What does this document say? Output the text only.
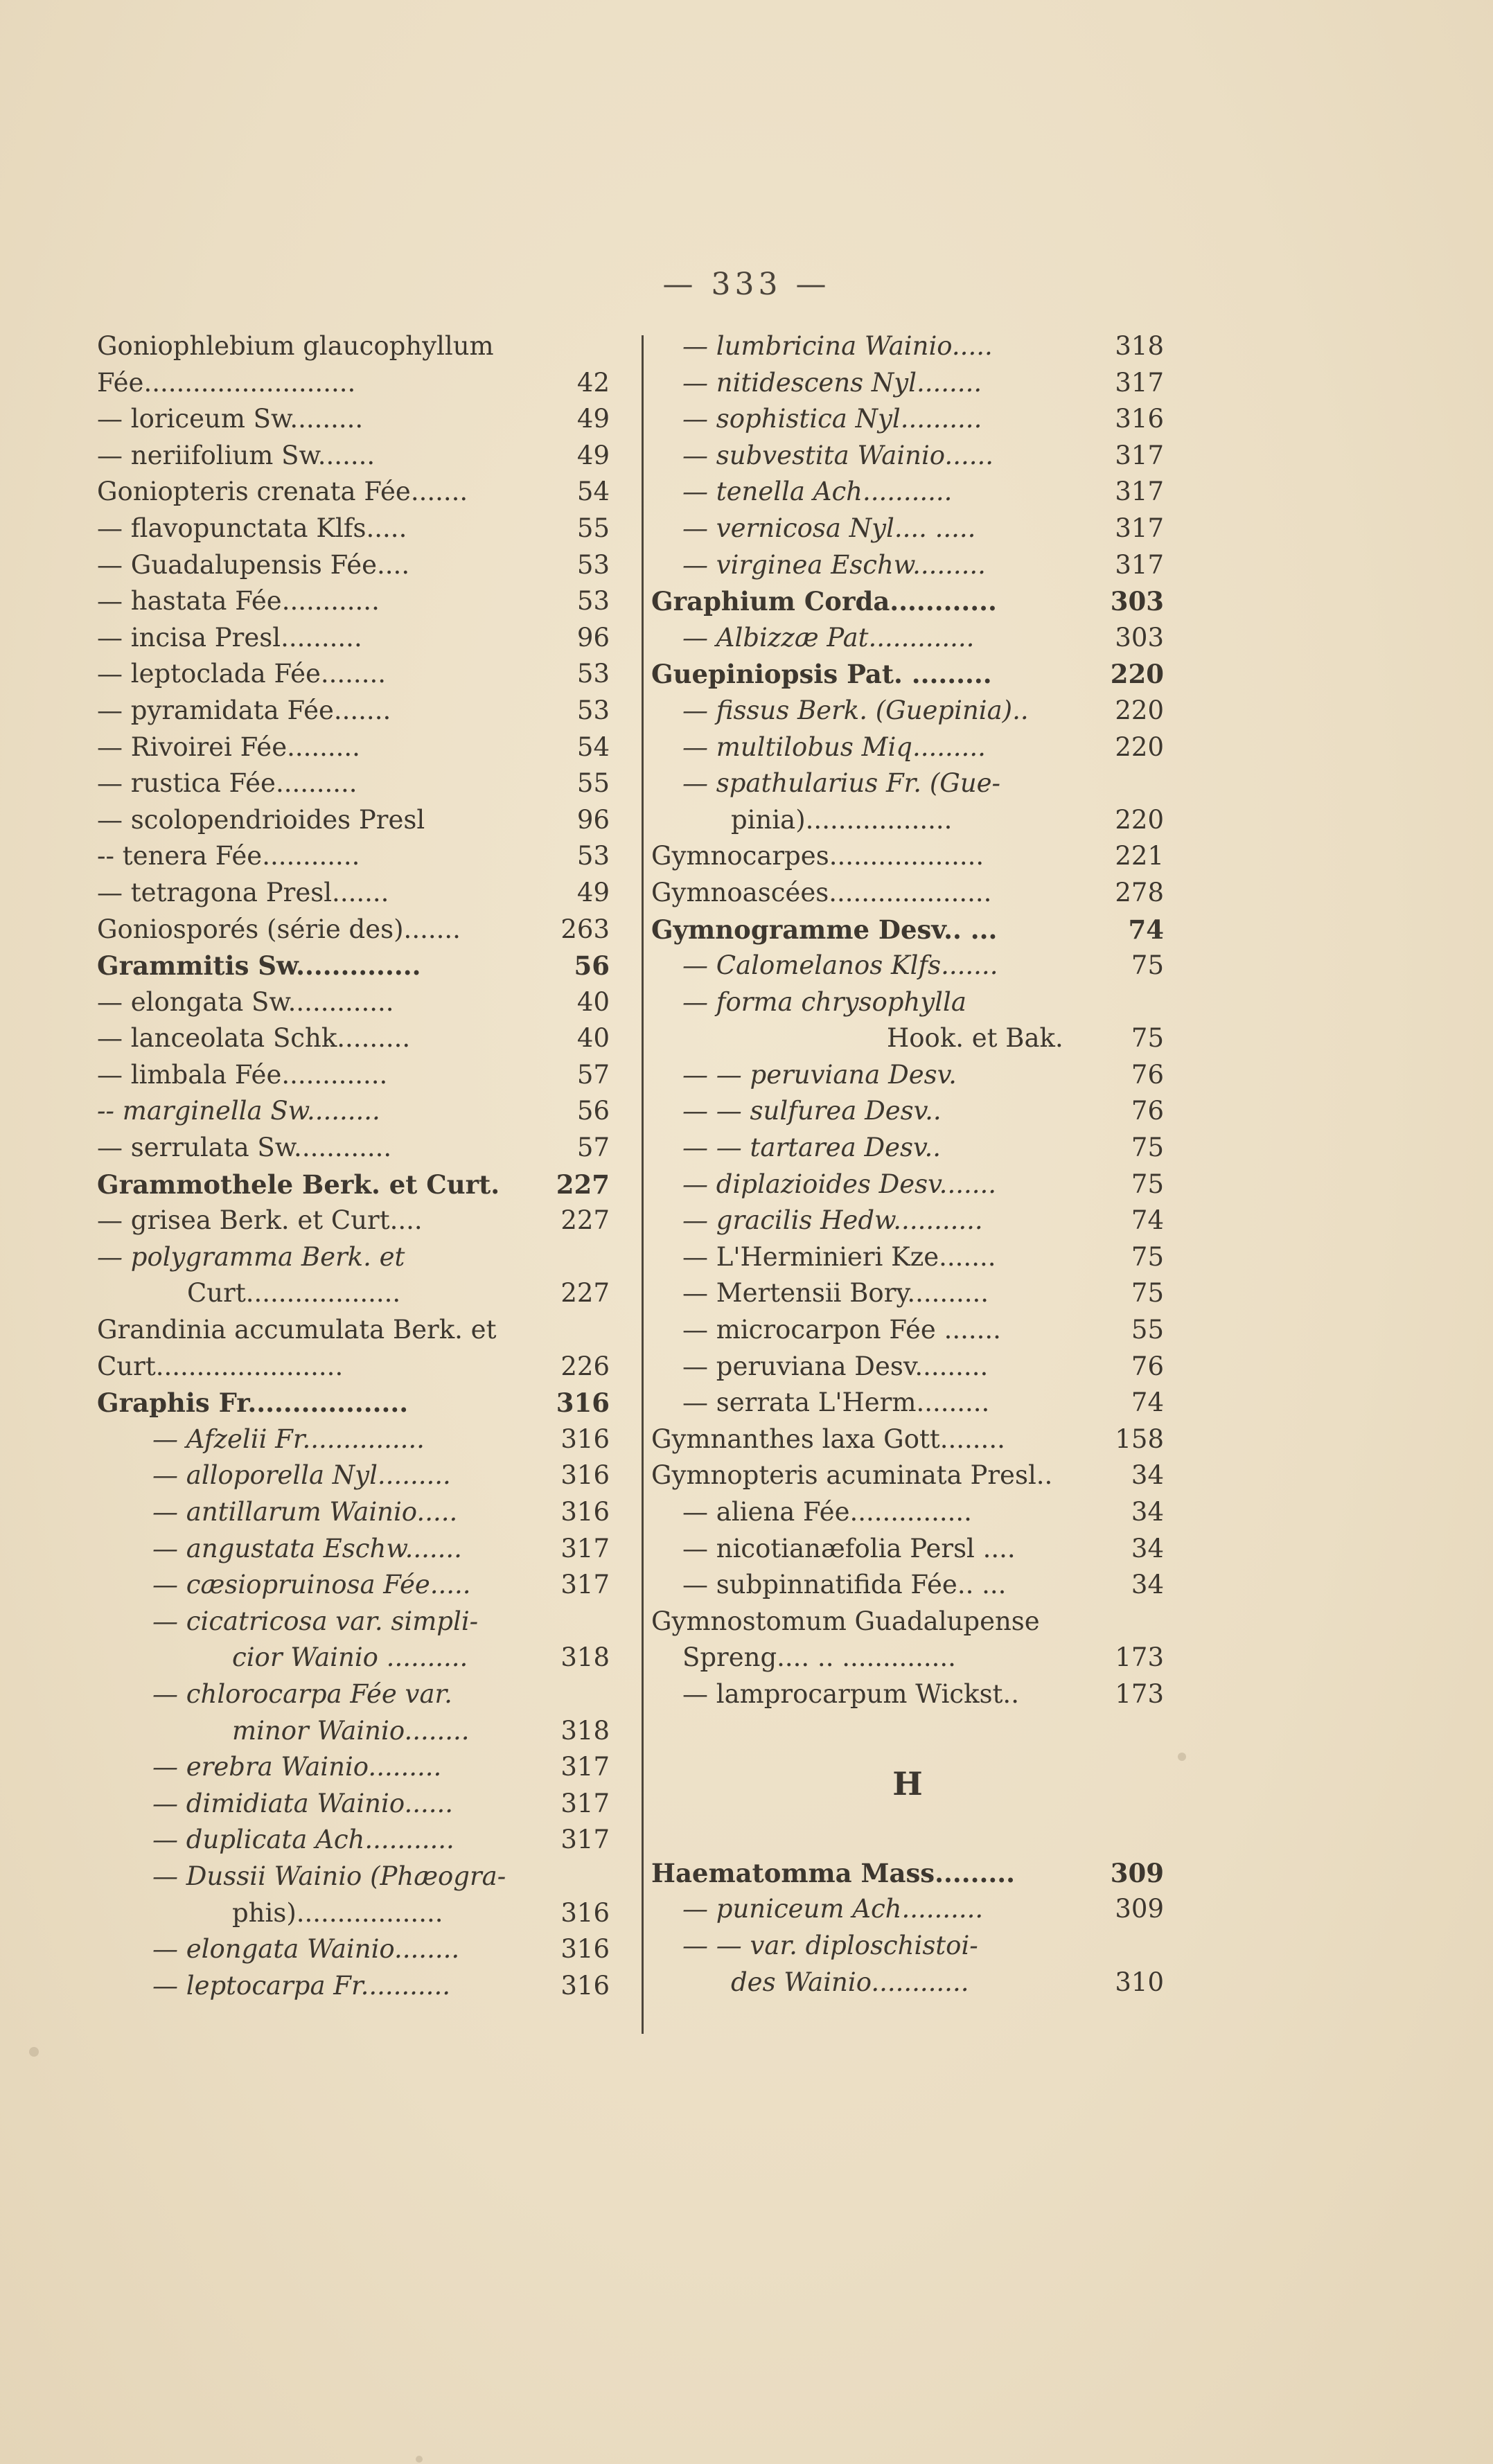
— 333 —
Goniophlebium glaucophyllum
Fée..........................	42
— loriceum Sw.........	49
— neriifolium Sw.......	49
Goniopteris crenata Fée.......	54
— flavopunctata Klfs.....	55
— Guadalupensis Fée....	53
— hastata Fée............	53
— incisa Presl..........	96
— leptoclada Fée........	53
— pyramidata Fée.......	53
— Rivoirei Fée.........	54
— rustica Fée..........	55
— scolopendrioides Presl	96
-- tenera Fée............	53
— tetragona Presl.......	49
Goniosporés (série des).......	263
Grammitis Sw..............	56
— elongata Sw.............	40
— lanceolata Schk.........	40
— limbala Fée.............	57
-- marginella Sw.........	56
— serrulata Sw............	57
Grammothele Berk. et Curt.	227
— grisea Berk. et Curt....	227
— polygramma Berk. et
Curt...................	227
Grandinia accumulata Berk. et
Curt.......................	226
Graphis Fr..................	316
— Afzelii Fr...............	316
— alloporella Nyl.........	316
— antillarum Wainio.....	316
— angustata Eschw.......	317
— cæsiopruinosa Fée.....	317
— cicatricosa var. simpli-
cior Wainio ..........	318
— chlorocarpa Fée var.
minor Wainio........	318
— erebra Wainio.........	317
— dimidiata Wainio......	317
— duplicata Ach...........	317
— Dussii Wainio (Phæogra-
phis)..................	316
— elongata Wainio........	316
— leptocarpa Fr...........	316
— lumbricina Wainio.....	318
— nitidescens Nyl........	317
— sophistica Nyl..........	316
— subvestita Wainio......	317
— tenella Ach...........	317
— vernicosa Nyl.... .....	317
— virginea Eschw.........	317
Graphium Corda............	303
— Albizzæ Pat.............	303
Guepiniopsis Pat. .........	220
— fissus Berk. (Guepinia)..	220
— multilobus Miq.........	220
— spathularius Fr. (Gue-
pinia)..................	220
Gymnocarpes...................	221
Gymnoascées....................	278
Gymnogramme Desv.. ...	74
— Calomelanos Klfs.......	75
— forma chrysophylla
Hook. et Bak.	75
— — peruviana Desv.	76
— — sulfurea Desv..	76
— — tartarea Desv..	75
— diplazioides Desv.......	75
— gracilis Hedw...........	74
— L'Herminieri Kze.......	75
— Mertensii Bory..........	75
— microcarpon Fée .......	55
— peruviana Desv.........	76
— serrata L'Herm.........	74
Gymnanthes laxa Gott........	158
Gymnopteris acuminata Presl..	34
— aliena Fée...............	34
— nicotianæfolia Persl ....	34
— subpinnatifida Fée.. ...	34
Gymnostomum Guadalupense
Spreng.... .. ..............	173
— lamprocarpum Wickst..	173
H
Haematomma Mass.........	309
— puniceum Ach..........	309
— — var. diploschistoi-
des Wainio............	310
